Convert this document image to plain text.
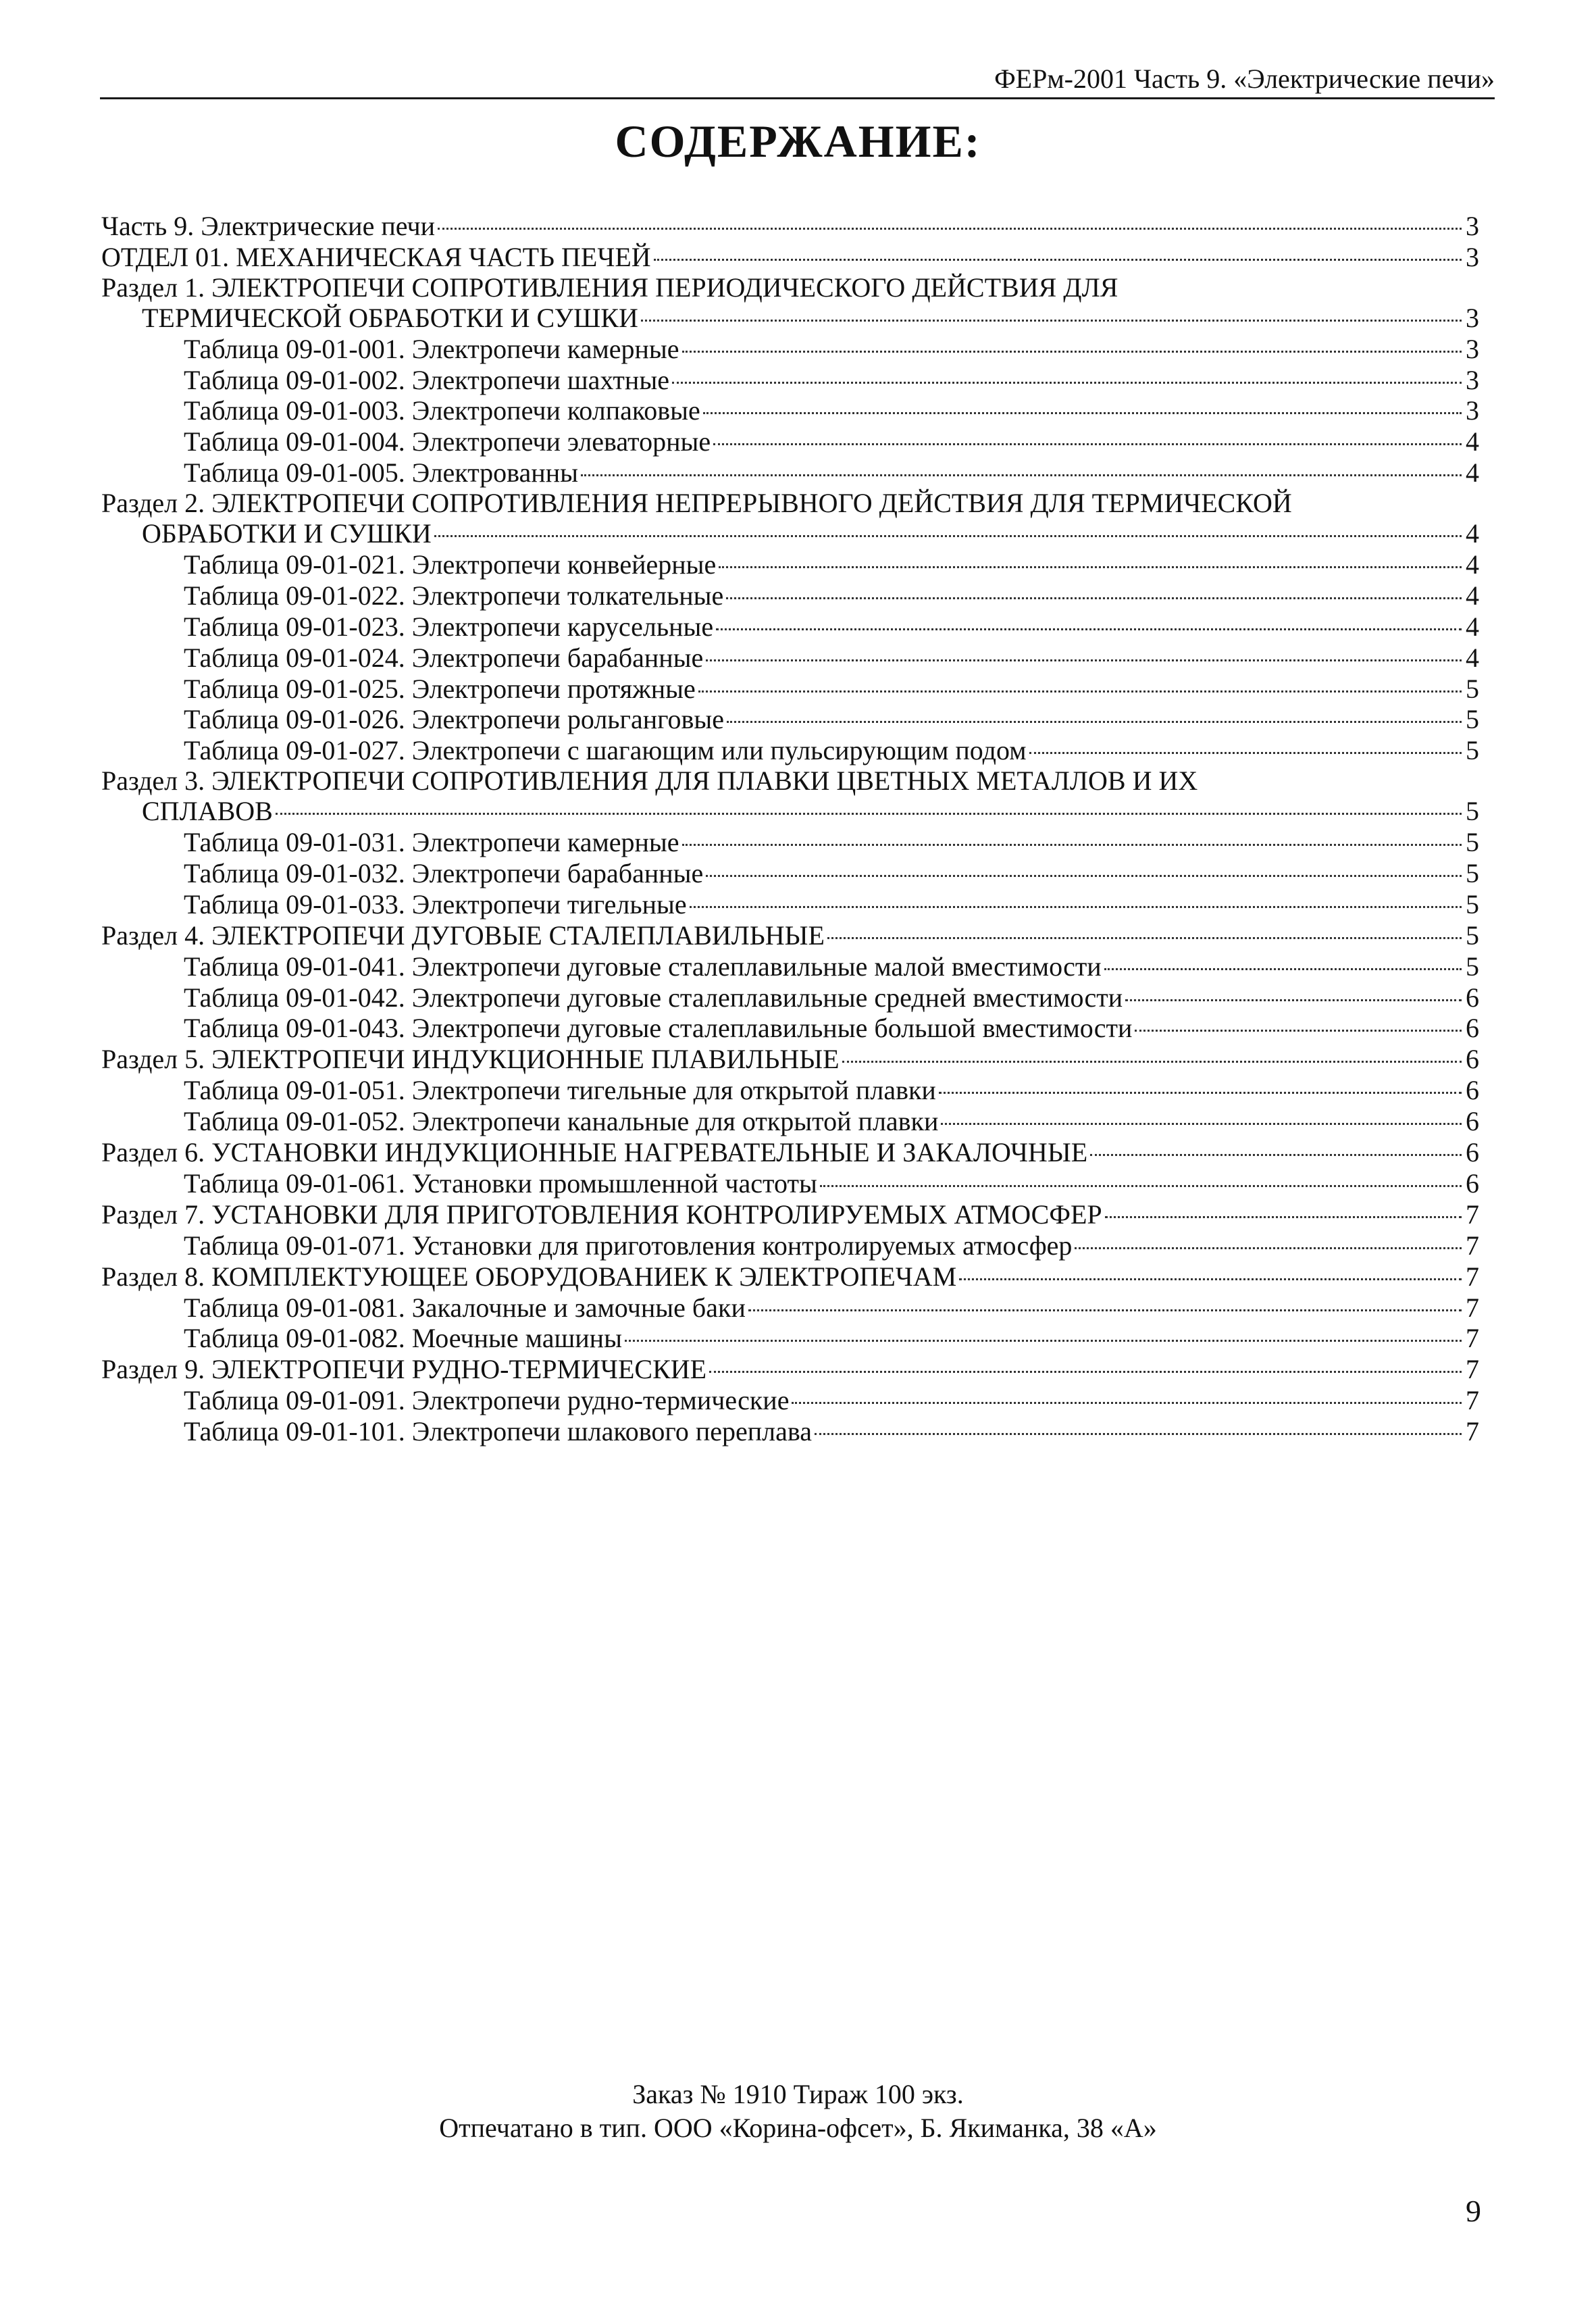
ФЕРм-2001 Часть 9. «Электрические печи»
СОДЕРЖАНИЕ:
Часть 9. Электрические печи	3
ОТДЕЛ 01. МЕХАНИЧЕСКАЯ ЧАСТЬ ПЕЧЕЙ	3
Раздел 1. ЭЛЕКТРОПЕЧИ СОПРОТИВЛЕНИЯ ПЕРИОДИЧЕСКОГО ДЕЙСТВИЯ ДЛЯ
ТЕРМИЧЕСКОЙ ОБРАБОТКИ И СУШКИ	3
Таблица 09-01-001. Электропечи камерные	3
Таблица 09-01-002. Электропечи шахтные	3
Таблица 09-01-003. Электропечи колпаковые	3
Таблица 09-01-004. Электропечи элеваторные	4
Таблица 09-01-005. Электрованны	4
Раздел 2. ЭЛЕКТРОПЕЧИ СОПРОТИВЛЕНИЯ НЕПРЕРЫВНОГО ДЕЙСТВИЯ ДЛЯ ТЕРМИЧЕСКОЙ
ОБРАБОТКИ И СУШКИ	4
Таблица 09-01-021. Электропечи конвейерные	4
Таблица 09-01-022. Электропечи толкательные	4
Таблица 09-01-023. Электропечи карусельные	4
Таблица 09-01-024. Электропечи барабанные	4
Таблица 09-01-025. Электропечи протяжные	5
Таблица 09-01-026. Электропечи рольганговые	5
Таблица 09-01-027. Электропечи с шагающим или пульсирующим подом	5
Раздел 3. ЭЛЕКТРОПЕЧИ СОПРОТИВЛЕНИЯ ДЛЯ ПЛАВКИ ЦВЕТНЫХ МЕТАЛЛОВ И ИХ
СПЛАВОВ	5
Таблица 09-01-031. Электропечи камерные	5
Таблица 09-01-032. Электропечи барабанные	5
Таблица 09-01-033. Электропечи тигельные	5
Раздел 4. ЭЛЕКТРОПЕЧИ ДУГОВЫЕ СТАЛЕПЛАВИЛЬНЫЕ	5
Таблица 09-01-041. Электропечи дуговые сталеплавильные малой вместимости	5
Таблица 09-01-042. Электропечи дуговые сталеплавильные средней вместимости	6
Таблица 09-01-043. Электропечи дуговые сталеплавильные большой вместимости	6
Раздел 5. ЭЛЕКТРОПЕЧИ ИНДУКЦИОННЫЕ ПЛАВИЛЬНЫЕ	6
Таблица 09-01-051. Электропечи тигельные для открытой плавки	6
Таблица 09-01-052. Электропечи канальные для открытой плавки	6
Раздел 6. УСТАНОВКИ ИНДУКЦИОННЫЕ НАГРЕВАТЕЛЬНЫЕ И ЗАКАЛОЧНЫЕ	6
Таблица 09-01-061. Установки промышленной частоты	6
Раздел 7. УСТАНОВКИ ДЛЯ ПРИГОТОВЛЕНИЯ КОНТРОЛИРУЕМЫХ АТМОСФЕР	7
Таблица 09-01-071. Установки для приготовления контролируемых атмосфер	7
Раздел 8. КОМПЛЕКТУЮЩЕЕ ОБОРУДОВАНИЕК К ЭЛЕКТРОПЕЧАМ	7
Таблица 09-01-081. Закалочные и замочные баки	7
Таблица 09-01-082. Моечные машины	7
Раздел 9. ЭЛЕКТРОПЕЧИ РУДНО-ТЕРМИЧЕСКИЕ	7
Таблица 09-01-091. Электропечи рудно-термические	7
Таблица 09-01-101. Электропечи шлакового переплава	7
Заказ № 1910 Тираж 100 экз.
Отпечатано в тип. ООО «Корина-офсет», Б. Якиманка, 38 «А»
9
